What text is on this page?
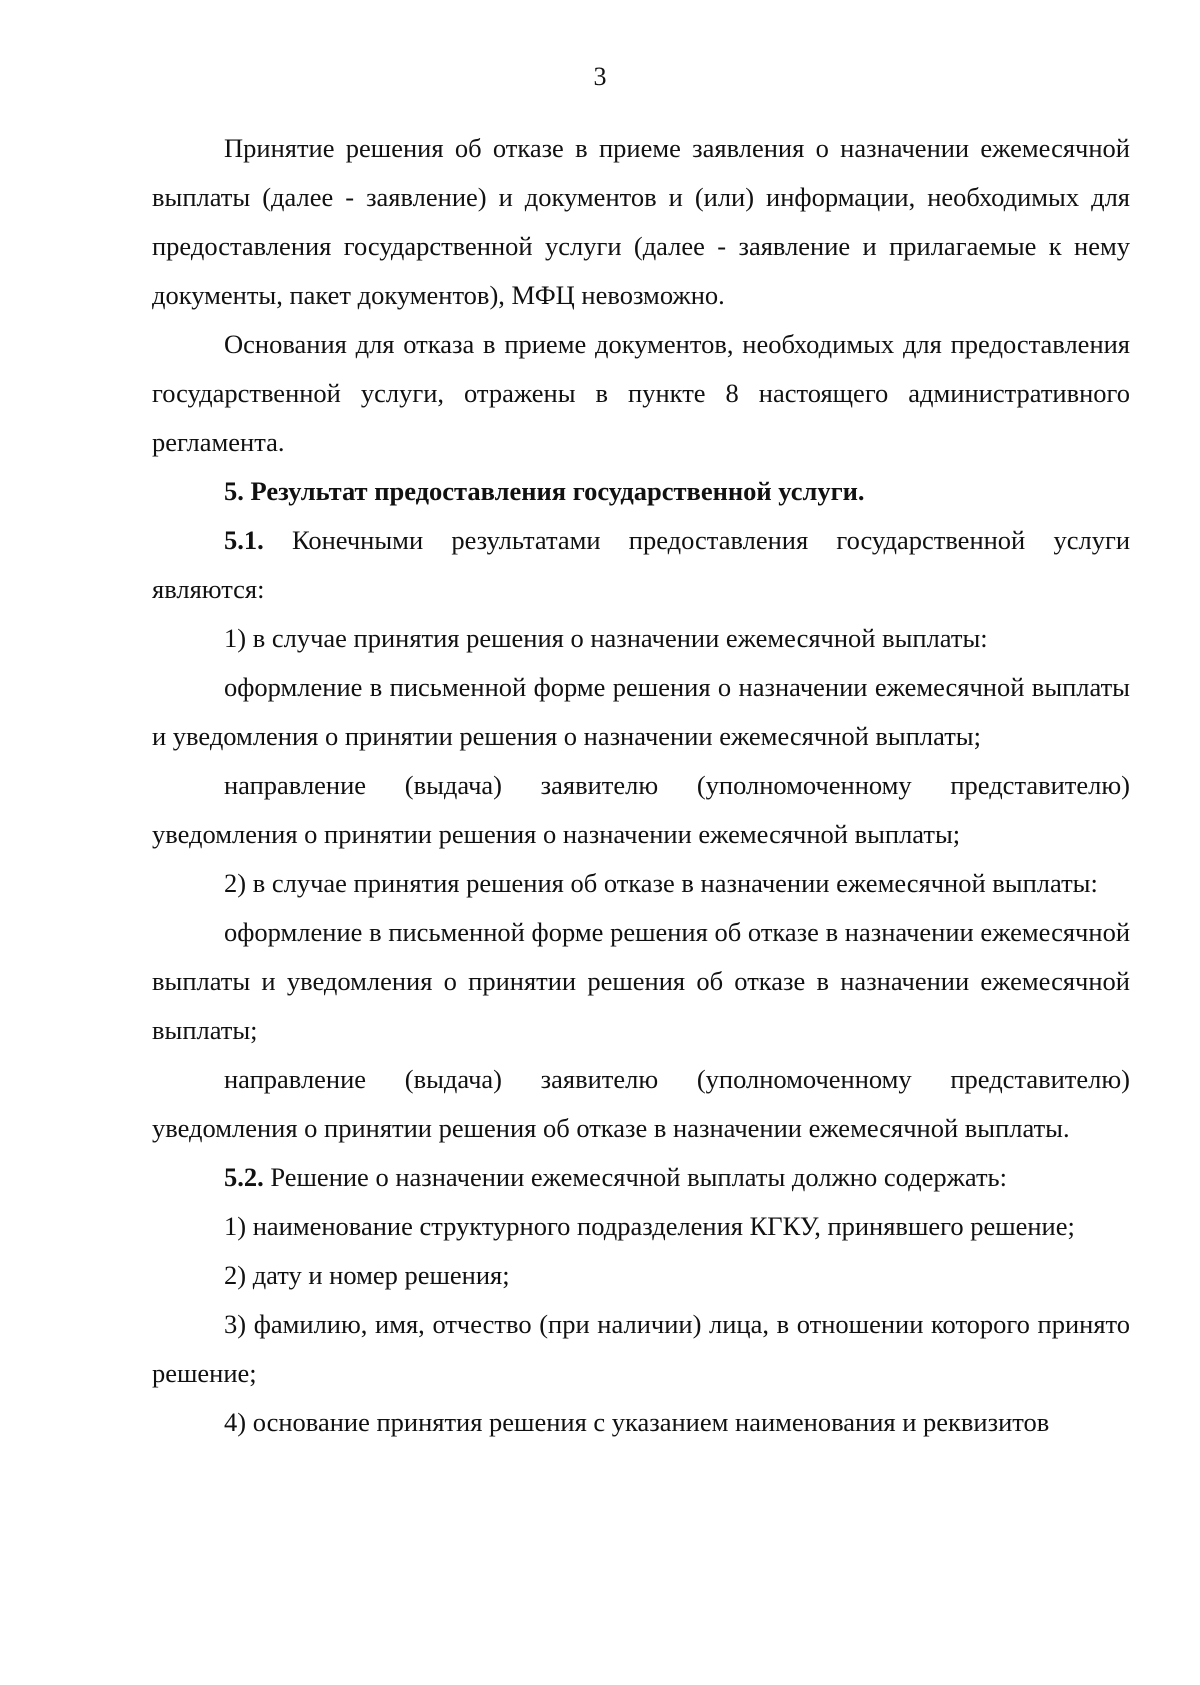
3

Принятие решения об отказе в приеме заявления о назначении ежемесячной выплаты (далее - заявление) и документов и (или) информации, необходимых для предоставления государственной услуги (далее - заявление и прилагаемые к нему документы, пакет документов), МФЦ невозможно.

Основания для отказа в приеме документов, необходимых для предоставления государственной услуги, отражены в пункте 8 настоящего административного регламента.

5. Результат предоставления государственной услуги.

5.1. Конечными результатами предоставления государственной услуги являются:

1) в случае принятия решения о назначении ежемесячной выплаты:

оформление в письменной форме решения о назначении ежемесячной выплаты и уведомления о принятии решения о назначении ежемесячной выплаты;

направление (выдача) заявителю (уполномоченному представителю) уведомления о принятии решения о назначении ежемесячной выплаты;

2) в случае принятия решения об отказе в назначении ежемесячной выплаты:

оформление в письменной форме решения об отказе в назначении ежемесячной выплаты и уведомления о принятии решения об отказе в назначении ежемесячной выплаты;

направление (выдача) заявителю (уполномоченному представителю) уведомления о принятии решения об отказе в назначении ежемесячной выплаты.

5.2. Решение о назначении ежемесячной выплаты должно содержать:

1) наименование структурного подразделения КГКУ, принявшего решение;

2) дату и номер решения;

3) фамилию, имя, отчество (при наличии) лица, в отношении которого принято решение;

4) основание принятия решения с указанием наименования и реквизитов
